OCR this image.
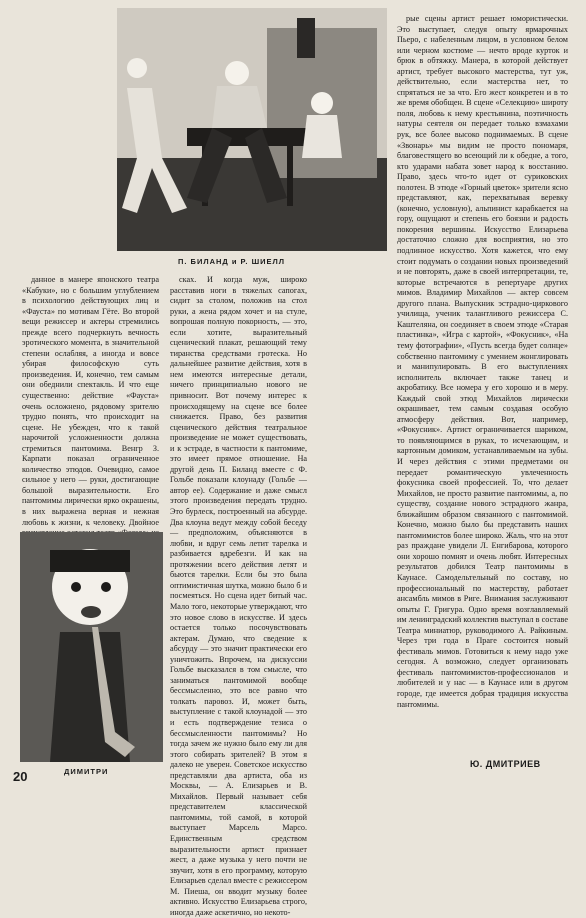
П. БИЛАНД и Р. ШИЕЛЛ

данное в манере японского театра «Кабуки», но с большим углублением в психологию действующих лиц и «Фауста» по мотивам Гёте. Во второй вещи режиссер и актеры стремились прежде всего подчеркнуть вечность эротического момента, в значительной степени ослабляя, а иногда и вовсе убирая философскую суть произведения. И, конечно, тем самым они обеднили спектакль. И что еще существенно: действие «Фауста» очень осложнено, рядовому зрителю трудно понять, что происходит на сцене. Не убежден, что к такой нарочитой усложненности должна стремиться пантомима. Венгр З. Карпати показал ограниченное количество этюдов. Очевидно, самое сильное у него — руки, достигающие большой выразительности. Его пантомимы лирически ярко окрашены, в них выражена верная и нежная любовь к жизни, к человеку. Двойное

сках. И когда муж, широко расставив ноги в тяжелых сапогах, сидит за столом, положив на стол руки, а жена рядом хочет и на стуле, вопрошая полную покорность, — это, если хотите, выразительный сценический плакат, решающий тему тиранства средствами гротеска. Но дальнейшее развитие действия, хотя в нем имеются интересные детали, ничего принципиально нового не привносит. Вот почему интерес к происходящему на сцене все более снижается. Право, без развития сценического действия театральное произведение не может существовать, и к эстраде, в частности к пантомиме, это имеет прямое отношение. На другой день П. Биланд вместе с Ф. Гольбе показали клоунаду (Гольбе — автор ее). Содержание и даже смысл этого произведения передать трудно. Это бурлеск, построенный на абсурде. Два клоуна ведут между собой беседу — предположим, объясняются в любви, и вдруг семь летит тарелка и разбивается вдребезги. И как на протяжении всего действия летят и бьются тарелки. Если бы это была оптимистичная шутка, можно было б и посмеяться. Но сцена идет битый час. Мало того, некоторые утверждают, что это новое слово в искусстве. И здесь остается только посочувствовать актерам. Думаю, что сведение к абсурду — это значит практически его уничтожить. Впрочем, на дискуссии Гольбе высказался в том смысле, что заниматься пантомимой вообще бессмысленно, это все равно что толкать паровоз. И, может быть, выступление с такой клоунадой — это и есть подтверждение тезиса о бессмысленности пантомимы? Но тогда зачем же нужно было ему ли для этого собирать зрителей? В этом я далеко не уверен. Советское искусство представляли два артиста, оба из Москвы, — А. Елизарьев и В. Михайлов. Первый называет себя представителем классической пантомимы, той самой, в которой выступает Марсель Марсо. Единственным средством выразительности артист признает жест, а даже музыка у него почти не звучит, хотя в его программу, которую Елизарьев сделал вместе с режиссером М. Пиеша, он вводит музыку более активно. Искусство Елизарьева строго, иногда даже аскетично, но некото-

рые сцены артист решает юмористически. Это выступает, следуя опыту ярмарочных Пьеро, с набеленным лицом, в условном белом или черном костюме — нечто вроде курток и брюк в обтяжку. Манера, в которой действует артист, требует высокого мастерства, тут уж, действительно, если мастерства нет, то спрятаться не за что. Его жест конкретен и в то же время обобщен. В сцене «Селекцию» широту поля, любовь к нему крестьянина, поэтичность натуры сеятеля он передает только взмахами рук, все более высоко поднимаемых. В сцене «Звонарь» мы видим не просто пономаря, благовестящего во всеющий ли к обедне, а того, кто ударами набата зовет народ к восстанию. Право, здесь что-то идет от суриковских полотен. В этюде «Горный цветок» зрители ясно представляют, как, перехватывая веревку (конечно, условную), альпинист карабкается на гору, ощущают и степень его боязни и радость покорения вершины. Искусство Елизарьева достаточно сложно для восприятия, но это подлинное искусство. Хотя кажется, что ему стоит подумать о создании новых произведений и не повторять, даже в своей интерпретации, те, которые встречаются в репертуаре других мимов. Владимир Михайлов — актер совсем другого плана. Выпускник эстрадно-циркового училища, ученик талантливого режиссера С. Каштеляна, он соединяет в своем этюде «Старая пластинка», «Игра с картой», «Фокусник», «На тему фотографии», «Пусть всегда будет солнце» собственно пантомиму с умением жонглировать и манипулировать. В его выступлениях исполнитель включает также танец и акробатику. Все номера у его хорошо и в меру. Каждый свой этюд Михайлов лирически окрашивает, тем самым создавая особую атмосферу действия. Вот, например, «Фокусник». Артист ограничивается шариком, то появляющимся в руках, то исчезающим, и картонным домиком, устанавливаемым на зубы. И через действия с этими предметами он передает романтическую увлеченность фокусника своей профессией. То, что делает Михайлов, не просто развитие пантомимы, а, по существу, создание нового эстрадного жанра, ближайшим образом связанного с пантомимой. Конечно, можно было бы представить наших пантомимистов более широко. Жаль, что на этот раз праждане увидели Л. Енгибарова, которого они хорошо помнят и очень любят. Интересных результатов добился Театр пантомимы в Каунасе. Самодельтельный по составу, но профессиональный по мастерству, работает ансамбль мимов в Риге. Внимания заслуживают опыты Г. Григура. Одно время возглавляемый им ленинградский коллектив выступал в составе Театра миниатюр, руководимого А. Райкиным. Через три года в Праге состоится новый фестиваль мимов. Готовиться к нему надо уже сегодня. А возможно, следует организовать фестиваль пантомимистов-профессионалов и любителей и у нас — в Каунасе или в другом городе, где имеется добрая традиция искусства пантомимы.

ДИМИТРИ
Ю. ДМИТРИЕВ
20
